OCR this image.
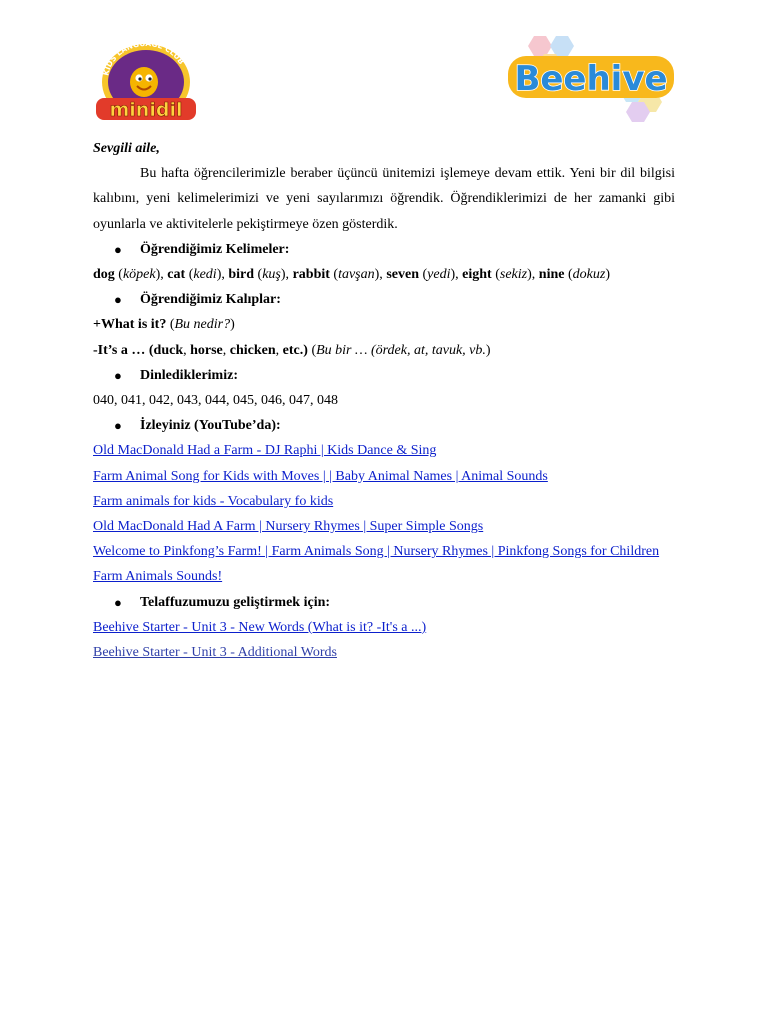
KIDS LANGUAGE CLUB
minidil
Beehive

Sevgili aile,

Bu hafta öğrencilerimizle beraber üçüncü ünitemizi işlemeye devam ettik. Yeni bir dil bilgisi kalıbını, yeni kelimelerimizi ve yeni sayılarımızı öğrendik. Öğrendiklerimizi de her zamanki gibi oyunlarla ve aktivitelerle pekiştirmeye özen gösterdik.

● Öğrendiğimiz Kelimeler:

dog (köpek), cat (kedi), bird (kuş), rabbit (tavşan), seven (yedi), eight (sekiz), nine (dokuz)

● Öğrendiğimiz Kalıplar:

+What is it? (Bu nedir?)

-It’s a … (duck, horse, chicken, etc.) (Bu bir … (ördek, at, tavuk, vb.)

● Dinlediklerimiz:

040, 041, 042, 043, 044, 045, 046, 047, 048

● İzleyiniz (YouTube’da):

Old MacDonald Had a Farm - DJ Raphi | Kids Dance & Sing
Farm Animal Song for Kids with Moves | | Baby Animal Names | Animal Sounds
Farm animals for kids - Vocabulary fo kids
Old MacDonald Had A Farm | Nursery Rhymes | Super Simple Songs
Welcome to Pinkfong’s Farm! | Farm Animals Song | Nursery Rhymes | Pinkfong Songs for Children
Farm Animals Sounds!

● Telaffuzumuzu geliştirmek için:

Beehive Starter - Unit 3 - New Words (What is it? -It's a ...)
Beehive Starter - Unit 3 - Additional Words
